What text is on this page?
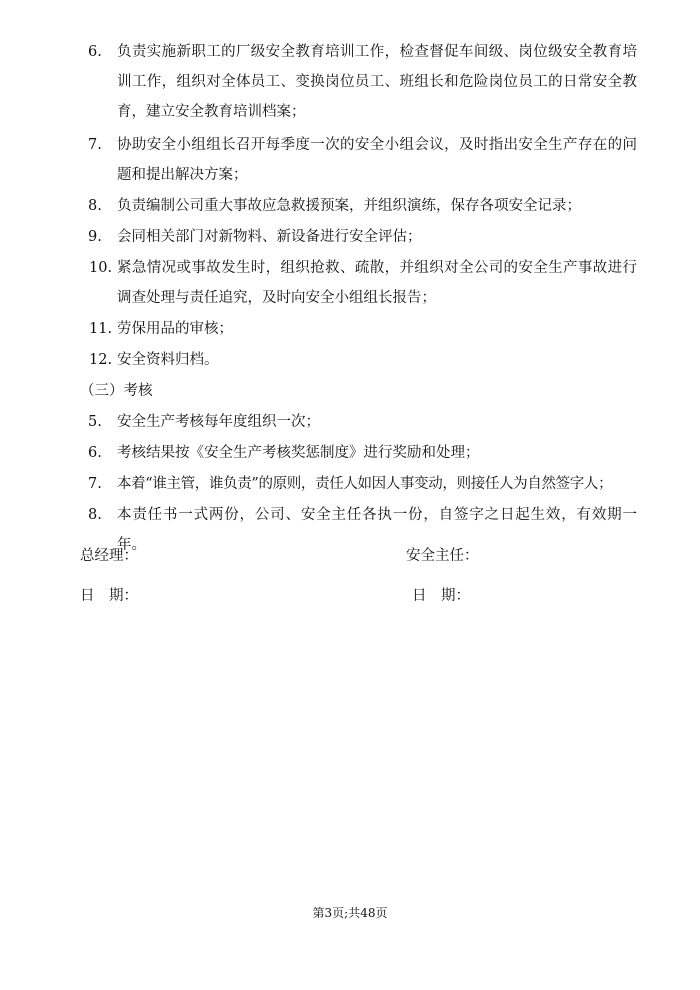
6.	负责实施新职工的厂级安全教育培训工作，检查督促车间级、岗位级安全教育培训工作，组织对全体员工、变换岗位员工、班组长和危险岗位员工的日常安全教育，建立安全教育培训档案；
7.	协助安全小组组长召开每季度一次的安全小组会议，及时指出安全生产存在的问题和提出解决方案；
8.	负责编制公司重大事故应急救援预案，并组织演练，保存各项安全记录；
9.	会同相关部门对新物料、新设备进行安全评估；
10. 紧急情况或事故发生时，组织抢救、疏散，并组织对全公司的安全生产事故进行调查处理与责任追究，及时向安全小组组长报告；
11. 劳保用品的审核；
12. 安全资料归档。
（三）考核
5.	安全生产考核每年度组织一次；
6.	考核结果按《安全生产考核奖惩制度》进行奖励和处理；
7.	本着“谁主管，谁负责”的原则，责任人如因人事变动，则接任人为自然签字人；
8.	本责任书一式两份，公司、安全主任各执一份，自签字之日起生效，有效期一年。
总经理：	安全主任：
日　期：	日　期：
第3页;共48页
